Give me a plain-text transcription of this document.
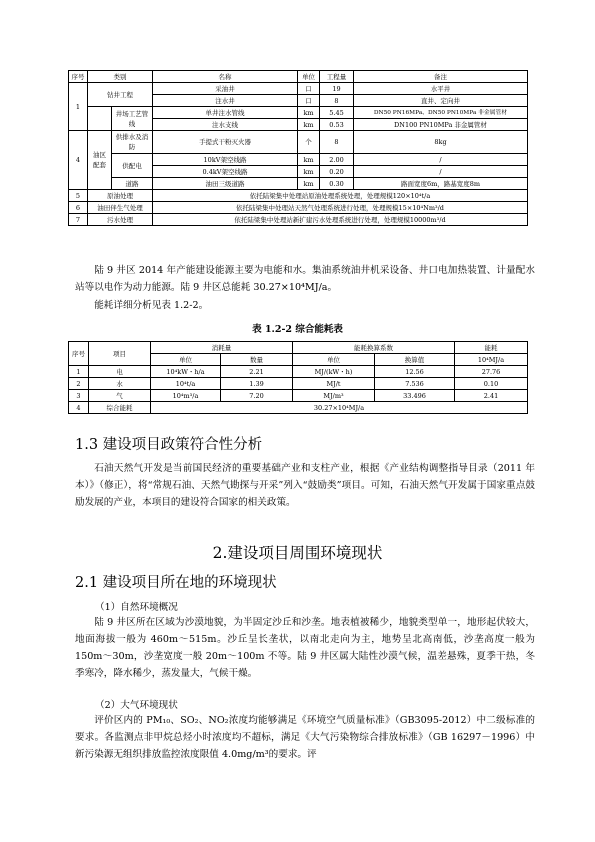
序号	类别		名称	单位	工程量	备注
1	钻井工程		采油井	口	19	水平井
			注水井	口	8	直井、定向井
		井场工艺管线	单井注水管线	km	5.45	DN50 PN16MPa、DN50 PN10MPa 非金属管材
			注水支线	km	0.53	DN100 PN10MPa 非金属管材
4	油区配套	供排水及消防	手提式干粉灭火器	个	8	8kg
		供配电	10kV架空线路	km	2.00	/
			0.4kV架空线路	km	0.20	/
		道路	油田三级道路	km	0.30	路面宽度6m，路基宽度8m
5	原油处理		依托陆梁集中处理站原油处理系统处理，处理规模120×10⁴t/a			
6	油田伴生气处理		依托陆梁集中处理站天然气处理系统进行处理，处理规模15×10⁴Nm³/d			
7	污水处理		依托陆梁集中处理站新扩建污水处理系统进行处理，处理规模10000m³/d			
陆 9 井区 2014 年产能建设能源主要为电能和水。集油系统油井机采设备、井口电加热装置、计量配水站等以电作为动力能源。陆 9 井区总能耗 30.27×10⁴MJ/a。
能耗详细分析见表 1.2-2。
表 1.2-2 综合能耗表
序号	项目	消耗量		能耗换算系数		能耗
		单位	数量	单位	换算值	10⁴MJ/a
1	电	10⁴kW・h/a	2.21	MJ/(kW・h)	12.56	27.76
2	水	10⁴t/a	1.39	MJ/t	7.536	0.10
3	气	10⁴m³/a	7.20	MJ/m³	33.496	2.41
4	综合能耗	30.27×10⁴MJ/a				
1.3 建设项目政策符合性分析
石油天然气开发是当前国民经济的重要基础产业和支柱产业，根据《产业结构调整指导目录（2011 年本）》（修正），将“常规石油、天然气勘探与开采”列入“鼓励类”项目。可知，石油天然气开发属于国家重点鼓励发展的产业，本项目的建设符合国家的相关政策。
2.建设项目周围环境现状
2.1 建设项目所在地的环境现状
（1）自然环境概况
陆 9 井区所在区域为沙漠地貌，为半固定沙丘和沙垄。地表植被稀少，地貌类型单一，地形起伏较大，地面海拔一般为 460m～515m。沙丘呈长垄状，以南北走向为主，地势呈北高南低，沙垄高度一般为 150m～30m，沙垄宽度一般 20m～100m 不等。陆 9 井区属大陆性沙漠气候，温差悬殊，夏季干热，冬季寒冷，降水稀少，蒸发量大，气候干燥。
（2）大气环境现状
评价区内的 PM₁₀、SO₂、NO₂浓度均能够满足《环境空气质量标准》（GB3095-2012）中二级标准的要求。各监测点非甲烷总烃小时浓度均不超标，满足《大气污染物综合排放标准》（GB 16297－1996）中新污染源无组织排放监控浓度限值 4.0mg/m³的要求。评
